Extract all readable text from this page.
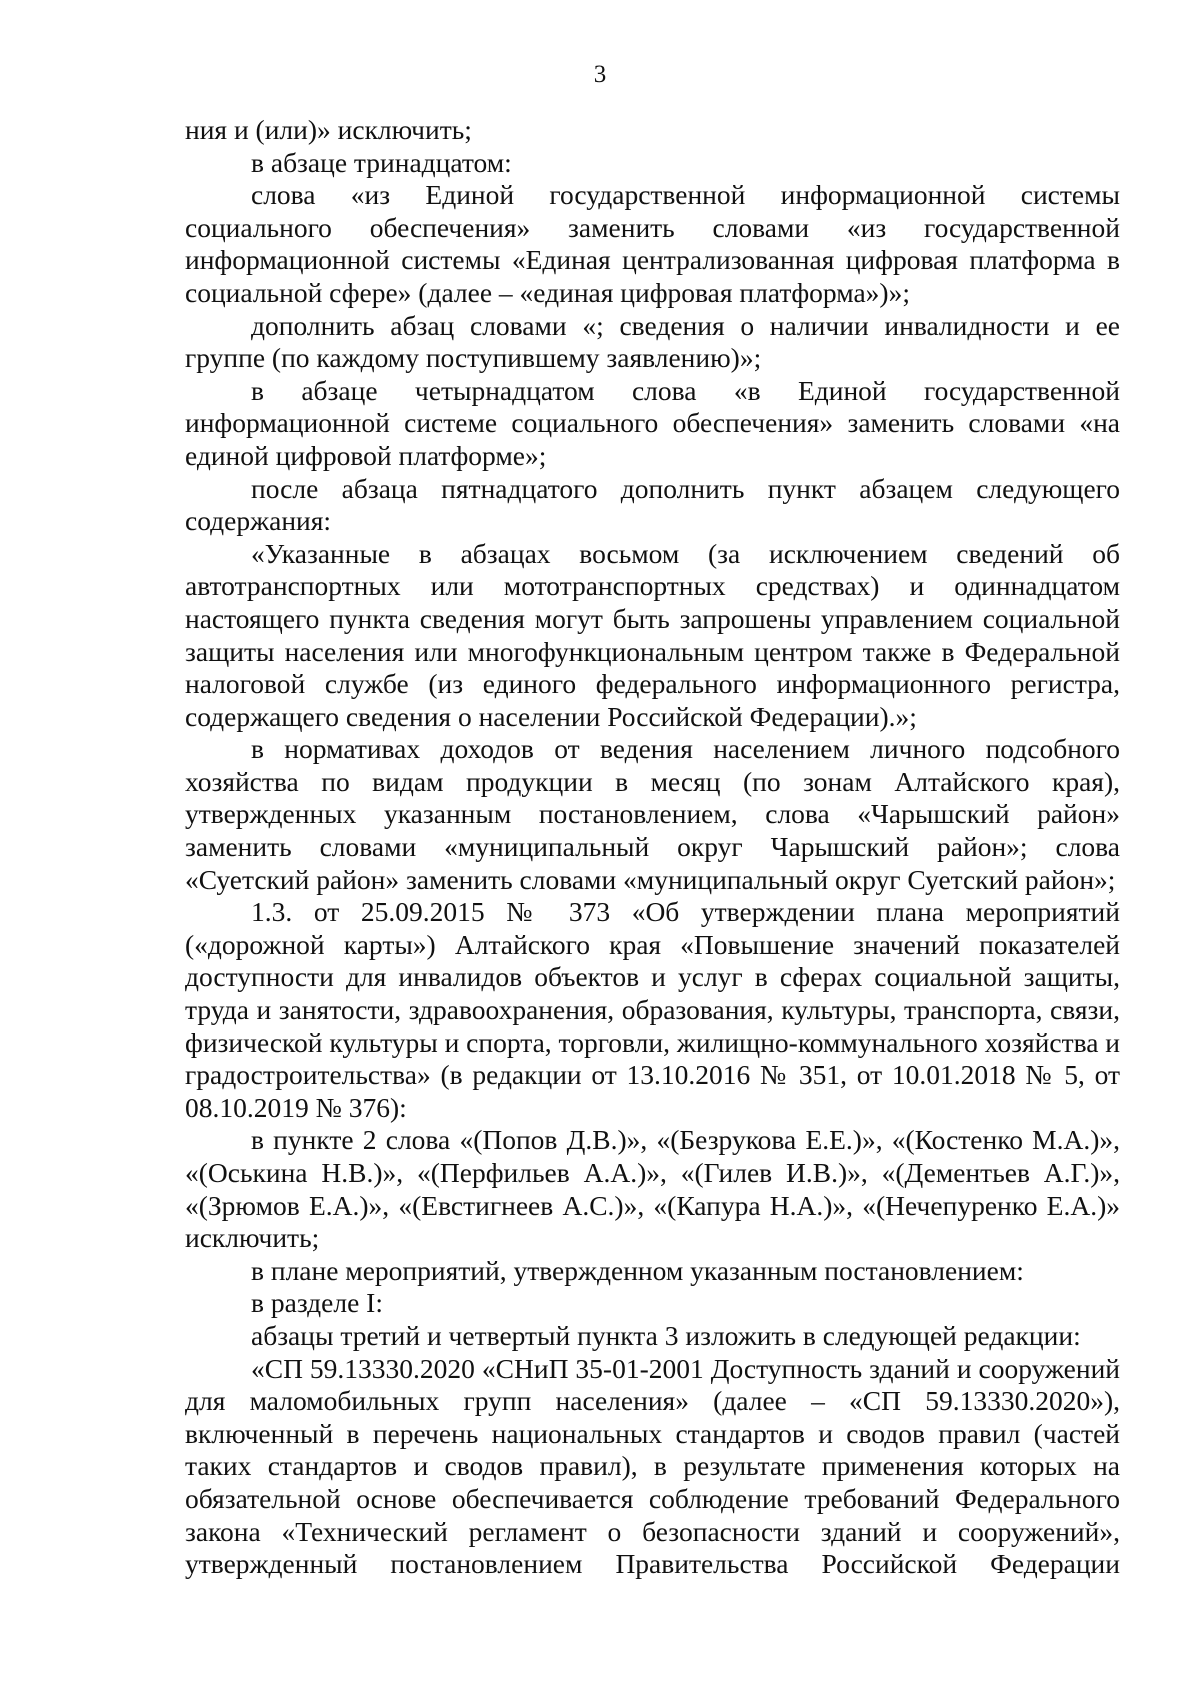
3

ния и (или)» исключить;

в абзаце тринадцатом:

слова «из Единой государственной информационной системы социального обеспечения» заменить словами «из государственной информационной системы «Единая централизованная цифровая платформа в социальной сфере» (далее – «единая цифровая платформа»)»;

дополнить абзац словами «; сведения о наличии инвалидности и ее группе (по каждому поступившему заявлению)»;

в абзаце четырнадцатом слова «в Единой государственной информационной системе социального обеспечения» заменить словами «на единой цифровой платформе»;

после абзаца пятнадцатого дополнить пункт абзацем следующего содержания:

«Указанные в абзацах восьмом (за исключением сведений об автотранспортных или мототранспортных средствах) и одиннадцатом настоящего пункта сведения могут быть запрошены управлением социальной защиты населения или многофункциональным центром также в Федеральной налоговой службе (из единого федерального информационного регистра, содержащего сведения о населении Российской Федерации).»;

в нормативах доходов от ведения населением личного подсобного хозяйства по видам продукции в месяц (по зонам Алтайского края), утвержденных указанным постановлением, слова «Чарышский район» заменить словами «муниципальный округ Чарышский район»; слова «Суетский район» заменить словами «муниципальный округ Суетский район»;

1.3. от 25.09.2015 № 373 «Об утверждении плана мероприятий («дорожной карты») Алтайского края «Повышение значений показателей доступности для инвалидов объектов и услуг в сферах социальной защиты, труда и занятости, здравоохранения, образования, культуры, транспорта, связи, физической культуры и спорта, торговли, жилищно-коммунального хозяйства и градостроительства» (в редакции от 13.10.2016 № 351, от 10.01.2018 № 5, от 08.10.2019 № 376):

в пункте 2 слова «(Попов Д.В.)», «(Безрукова Е.Е.)», «(Костенко М.А.)», «(Оськина Н.В.)», «(Перфильев А.А.)», «(Гилев И.В.)», «(Дементьев А.Г.)», «(Зрюмов Е.А.)», «(Евстигнеев А.С.)», «(Капура Н.А.)», «(Нечепуренко Е.А.)» исключить;

в плане мероприятий, утвержденном указанным постановлением:

в разделе I:

абзацы третий и четвертый пункта 3 изложить в следующей редакции:

«СП 59.13330.2020 «СНиП 35-01-2001 Доступность зданий и сооружений для маломобильных групп населения» (далее – «СП 59.13330.2020»), включенный в перечень национальных стандартов и сводов правил (частей таких стандартов и сводов правил), в результате применения которых на обязательной основе обеспечивается соблюдение требований Федерального закона «Технический регламент о безопасности зданий и сооружений», утвержденный постановлением Правительства Российской Федерации
